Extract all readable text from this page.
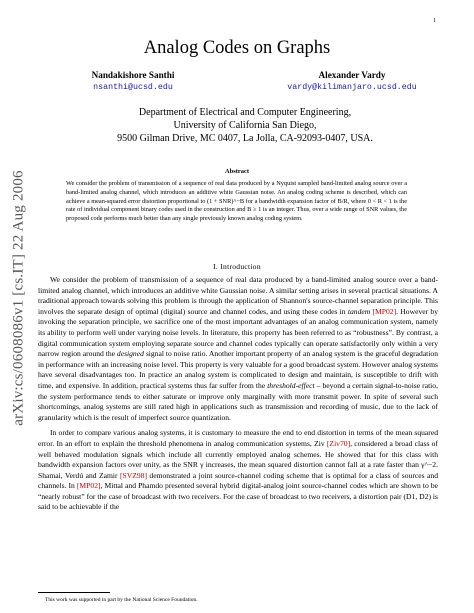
1
arXiv:cs/0608086v1 [cs.IT] 22 Aug 2006
Analog Codes on Graphs
Nandakishore Santhi
nsanthi@ucsd.edu
Alexander Vardy
vardy@kilimanjaro.ucsd.edu
Department of Electrical and Computer Engineering,
University of California San Diego,
9500 Gilman Drive, MC 0407, La Jolla, CA-92093-0407, USA.
Abstract
We consider the problem of transmission of a sequence of real data produced by a Nyquist sampled band-limited analog source over a band-limited analog channel, which introduces an additive white Gaussian noise. An analog coding scheme is described, which can achieve a mean-squared error distortion proportional to (1 + SNR)^−B for a bandwidth expansion factor of B/R, where 0 < R < 1 is the rate of individual component binary codes used in the construction and B ≥ 1 is an integer. Thus, over a wide range of SNR values, the proposed code performs much better than any single previously known analog coding system.
I. Introduction

We consider the problem of transmission of a sequence of real data produced by a band-limited analog source over a band-limited analog channel, which introduces an additive white Gaussian noise. A similar setting arises in several practical situations. A traditional approach towards solving this problem is through the application of Shannon's source-channel separation principle. This involves the separate design of optimal (digital) source and channel codes, and using these codes in tandem [MP02]. However by invoking the separation principle, we sacrifice one of the most important advantages of an analog communication system, namely its ability to perform well under varying noise levels. In literature, this property has been referred to as “robustness”. By contrast, a digital communication system employing separate source and channel codes typically can operate satisfactorily only within a very narrow region around the designed signal to noise ratio. Another important property of an analog system is the graceful degradation in performance with an increasing noise level. This property is very valuable for a good broadcast system. However analog systems have several disadvantages too. In practice an analog system is complicated to design and maintain, is susceptible to drift with time, and expensive. In addition, practical systems thus far suffer from the threshold-effect – beyond a certain signal-to-noise ratio, the system performance tends to either saturate or improve only marginally with more transmit power. In spite of several such shortcomings, analog systems are still rated high in applications such as transmission and recording of music, due to the lack of granularity which is the result of imperfect source quantization.

In order to compare various analog systems, it is customary to measure the end to end distortion in terms of the mean squared error. In an effort to explain the threshold phenomena in analog communication systems, Ziv [Ziv70], considered a broad class of well behaved modulation signals which include all currently employed analog schemes. He showed that for this class with bandwidth expansion factors over unity, as the SNR γ increases, the mean squared distortion cannot fall at a rate faster than γ^−2. Shamai, Verdú and Zamir [SVZ98] demonstrated a joint source-channel coding scheme that is optimal for a class of sources and channels. In [MP02], Mittal and Phamdo presented several hybrid digital-analog joint source-channel codes which are shown to be “nearly robust” for the case of broadcast with two receivers. For the case of broadcast to two receivers, a distortion pair (D1, D2) is said to be achievable if the

This work was supported in part by the National Science Foundation.
